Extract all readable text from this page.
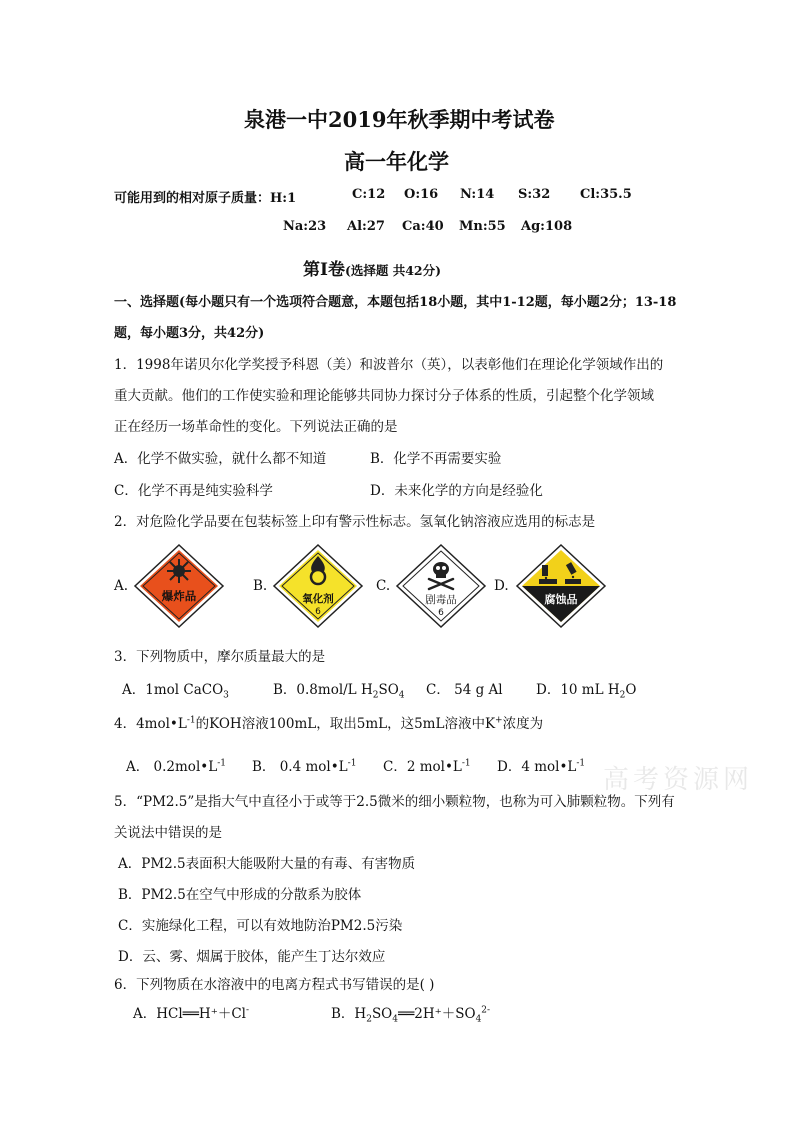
泉港一中2019年秋季期中考试卷
高一年化学
可能用到的相对原子质量：H:1	C:12 O:16 N:14 S:32 Cl:35.5
Na:23 Al:27 Ca:40 Mn:55 Ag:108
第Ⅰ卷(选择题 共42分)
一、选择题(每小题只有一个选项符合题意，本题包括18小题，其中1-12题，每小题2分；13-18
题，每小题3分，共42分)
1．1998年诺贝尔化学奖授予科恩（美）和波普尔（英），以表彰他们在理论化学领域作出的
重大贡献。他们的工作使实验和理论能够共同协力探讨分子体系的性质，引起整个化学领域
正在经历一场革命性的变化。下列说法正确的是
A．化学不做实验，就什么都不知道	B．化学不再需要实验
C．化学不再是纯实验科学	D．未来化学的方向是经验化
2．对危险化学品要在包装标签上印有警示性标志。氢氧化钠溶液应选用的标志是
A.	B.	C.	D.
爆炸品	氧化剂
6
剧毒品
6
腐蚀品
3．下列物质中，摩尔质量最大的是
A．1mol CaCO$_3$	B．0.8mol/L $H_2SO_4$ C． 54 g Al D．10 mL $H_2O$
4．$4mol•L^{-1}$的KOH溶液100mL，取出5mL，这5mL溶液中K+浓度为
A． $0.2mol•L^{-1}$ B． 0.4 $mol•L^{-1}$ C．2 $mol•L^{-1}$ D．4 $mol•L^{-1}$
高考资源网
5．“PM2.5”是指大气中直径小于或等于2.5微米的细小颗粒物，也称为可入肺颗粒物。下列有
关说法中错误的是
A．PM2.5表面积大能吸附大量的有毒、有害物质
B．PM2.5在空气中形成的分散系为胶体
C．实施绿化工程，可以有效地防治PM2.5污染
D．云、雾、烟属于胶体，能产生丁达尔效应
6．下列物质在水溶液中的电离方程式书写错误的是( )
A．HCl══H⁺＋Cl-	B．$H_2SO_4══2H^++SO_4^{2-}$
